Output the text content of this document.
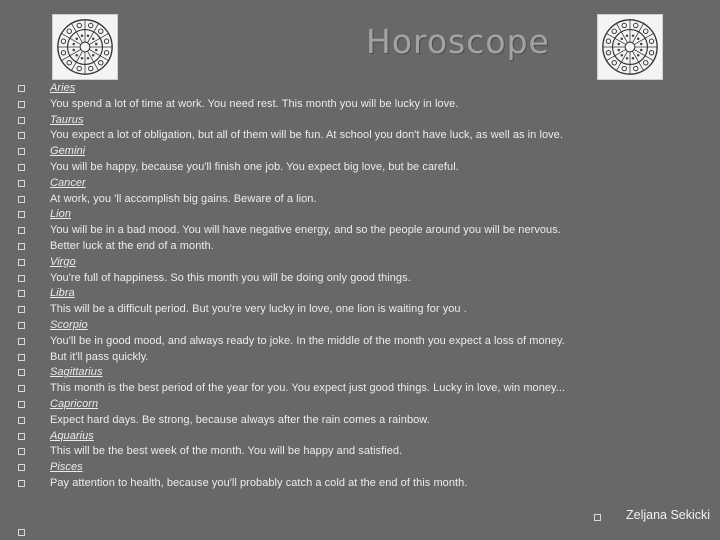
Horoscope
Aries
You spend a lot of time at work. You need rest. This month you will be lucky in love.
Taurus
You expect a lot of obligation, but all of them will be fun. At school you don't have luck, as well as in love.
Gemini
You will be happy, because you'll finish one job. You expect big love, but be careful.
Cancer
At work, you 'll accomplish big gains. Beware of a lion.
Lion
You will be in a bad mood. You will have negative energy, and so the people around you will be nervous.
Better luck at the end of a month.
Virgo
You're full of happiness. So this month you will be doing only good things.
Libra
This will be a difficult period. But you're very lucky in love, one lion is waiting for you .
Scorpio
You'll be in good mood, and always ready to joke. In the middle of the month you expect a loss of money.
But it'll pass quickly.
Sagittarius
This month is the best period of the year for you. You expect just good things. Lucky in love, win money...
Capricorn
Expect hard days. Be strong, because always after the rain comes a rainbow.
Aquarius
This will be the best week of the month. You will be happy and satisfied.
Pisces
Pay attention to health, because you'll probably catch a cold at the end of this month.
Zeljana Sekicki
